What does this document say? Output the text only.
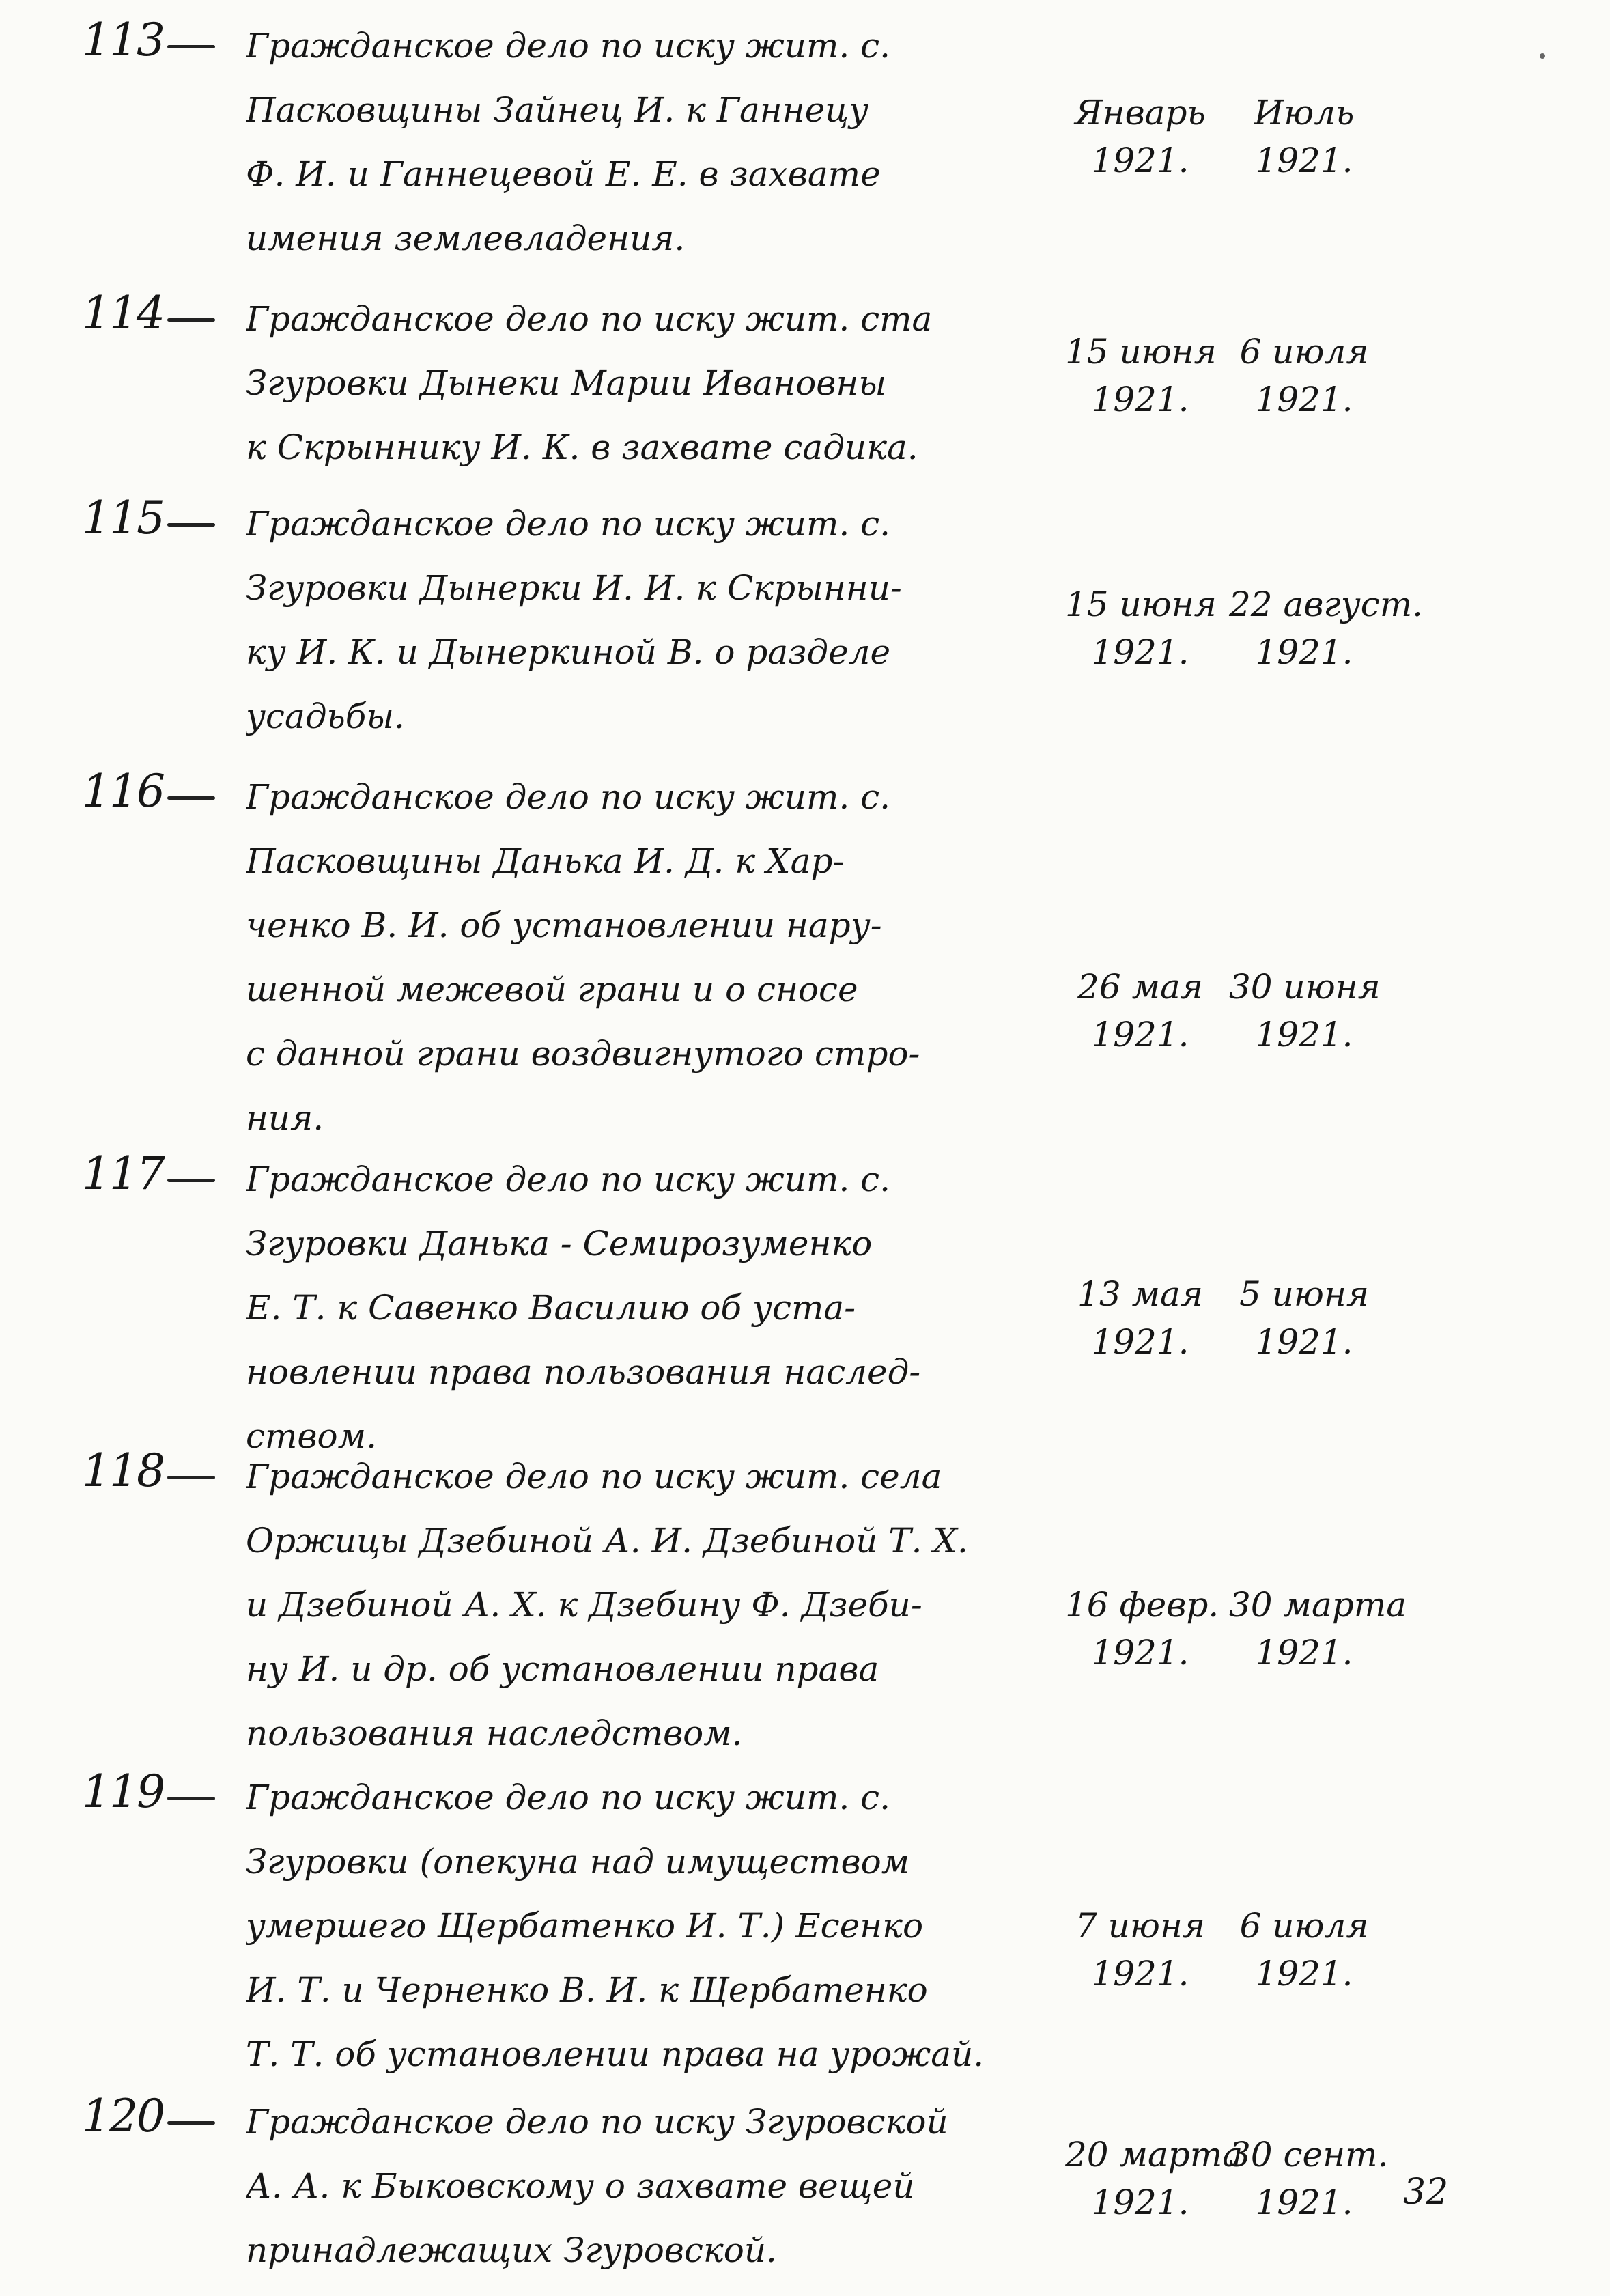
113 Гражданское дело по иску жит. с.
Пасковщины Зайнец И. к Ганнецу
Ф. И. и Ганнецевой Е. Е. в захвате
имения землевладения.
Январь
1921.
Июль
1921.
114 Гражданское дело по иску жит. ста
Згуровки Дынеки Марии Ивановны
к Скрыннику И. К. в захвате садика.
15 июня
1921.
6 июля
1921.
115 Гражданское дело по иску жит. с.
Згуровки Дынерки И. И. к Скрынни-
ку И. К. и Дынеркиной В. о разделе
усадьбы.
15 июня
1921.
22 август.
1921.
116 Гражданское дело по иску жит. с.
Пасковщины Данька И. Д. к Хар-
ченко В. И. об установлении нару-
шенной межевой грани и о сносе
с данной грани воздвигнутого стро-
ния.
26 мая
1921.
30 июня
1921.
117 Гражданское дело по иску жит. с.
Згуровки Данька - Семирозуменко
Е. Т. к Савенко Василию об уста-
новлении права пользования наслед-
ством.
13 мая
1921.
5 июня
1921.
118 Гражданское дело по иску жит. села
Оржицы Дзебиной А. И. Дзебиной Т. Х.
и Дзебиной А. Х. к Дзебину Ф. Дзеби-
ну И. и др. об установлении права
пользования наследством.
16 февр.
1921.
30 марта
1921.
119 Гражданское дело по иску жит. с.
Згуровки (опекуна над имуществом
умершего Щербатенко И. Т.) Есенко
И. Т. и Черненко В. И. к Щербатенко
Т. Т. об установлении права на урожай.
7 июня
1921.
6 июля
1921.
120 Гражданское дело по иску Згуровской
А. А. к Быковскому о захвате вещей
принадлежащих Згуровской.
20 марта
1921.
30 сент.
1921.	32
